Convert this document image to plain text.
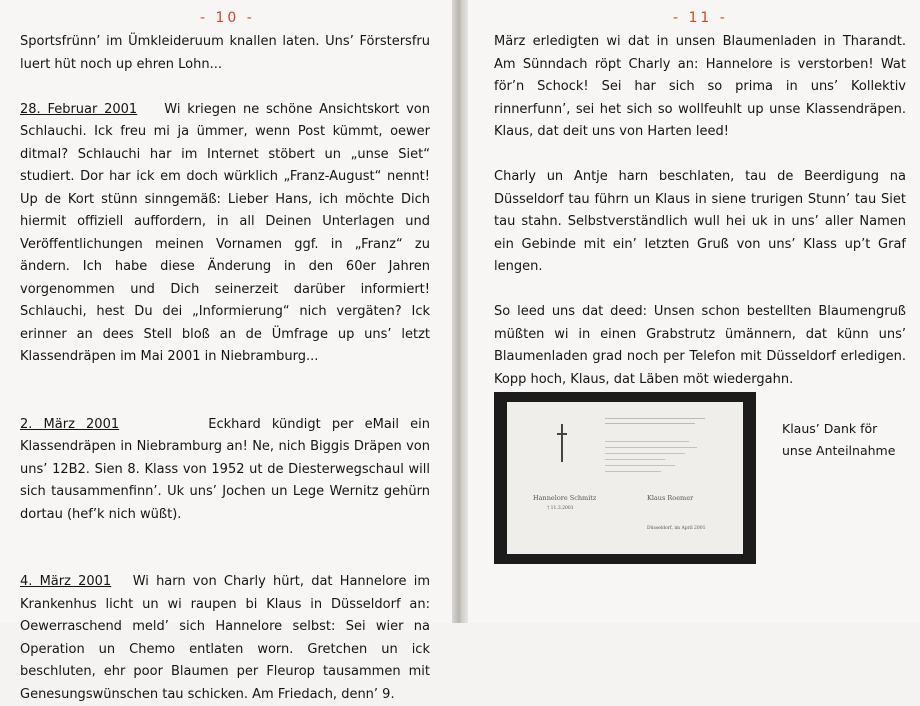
- 10 -

Sportsfrünn’ im Ümkleideruum knallen laten. Uns’ Förstersfru luert hüt noch up ehren Lohn...

28. Februar 2001 Wi kriegen ne schöne Ansichtskort von Schlauchi. Ick freu mi ja ümmer, wenn Post kümmt, oewer ditmal? Schlauchi har im Internet stöbert un „unse Siet“ studiert. Dor har ick em doch würklich „Franz-August“ nennt! Up de Kort stünn sinngemäß: Lieber Hans, ich möchte Dich hiermit offiziell auffordern, in all Deinen Unterlagen und Veröffentlichungen meinen Vornamen ggf. in „Franz“ zu ändern. Ich habe diese Änderung in den 60er Jahren vorgenommen und Dich seinerzeit darüber informiert! Schlauchi, hest Du dei „Informierung“ nich vergäten? Ick erinner an dees Stell bloß an de Ümfrage up uns’ letzt Klassendräpen im Mai 2001 in Niebramburg...

2. März 2001	Eckhard kündigt per eMail ein Klassendräpen in Niebramburg an! Ne, nich Biggis Dräpen von uns’ 12B2. Sien 8. Klass von 1952 ut de Diesterwegschaul will sich tausammenfinn’. Uk uns’ Jochen un Lege Wernitz gehürn dortau (hef’k nich wüßt).

4. März 2001 Wi harn von Charly hürt, dat Hannelore im Krankenhus licht un wi raupen bi Klaus in Düsseldorf an: Oewerraschend meld’ sich Hannelore selbst: Sei wier na Operation un Chemo entlaten worn. Gretchen un ick beschluten, ehr poor Blaumen per Fleurop tausammen mit Genesungswünschen tau schicken. Am Friedach, denn’ 9.

- 11 -

März erledigten wi dat in unsen Blaumenladen in Tharandt. Am Sünndach röpt Charly an: Hannelore is verstorben! Wat för’n Schock! Sei har sich so prima in uns’ Kollektiv rinnerfunn’, sei het sich so wollfeuhlt up unse Klassendräpen. Klaus, dat deit uns von Harten leed!

Charly un Antje harn beschlaten, tau de Beerdigung na Düsseldorf tau führn un Klaus in siene trurigen Stunn’ tau Siet tau stahn. Selbstverständlich wull hei uk in uns’ aller Namen ein Gebinde mit ein’ letzten Gruß von uns’ Klass up’t Graf lengen.

So leed uns dat deed: Unsen schon bestellten Blaumengruß müßten wi in einen Grabstrutz ümännern, dat künn uns’ Blaumenladen grad noch per Telefon mit Düsseldorf erledigen. Kopp hoch, Klaus, dat Läben möt wiedergahn.

Hannelore Schmitz	Klaus Roemer
† 11.3.2001
Düsseldorf, im April 2001
Klaus’ Dank för unse Anteilnahme
